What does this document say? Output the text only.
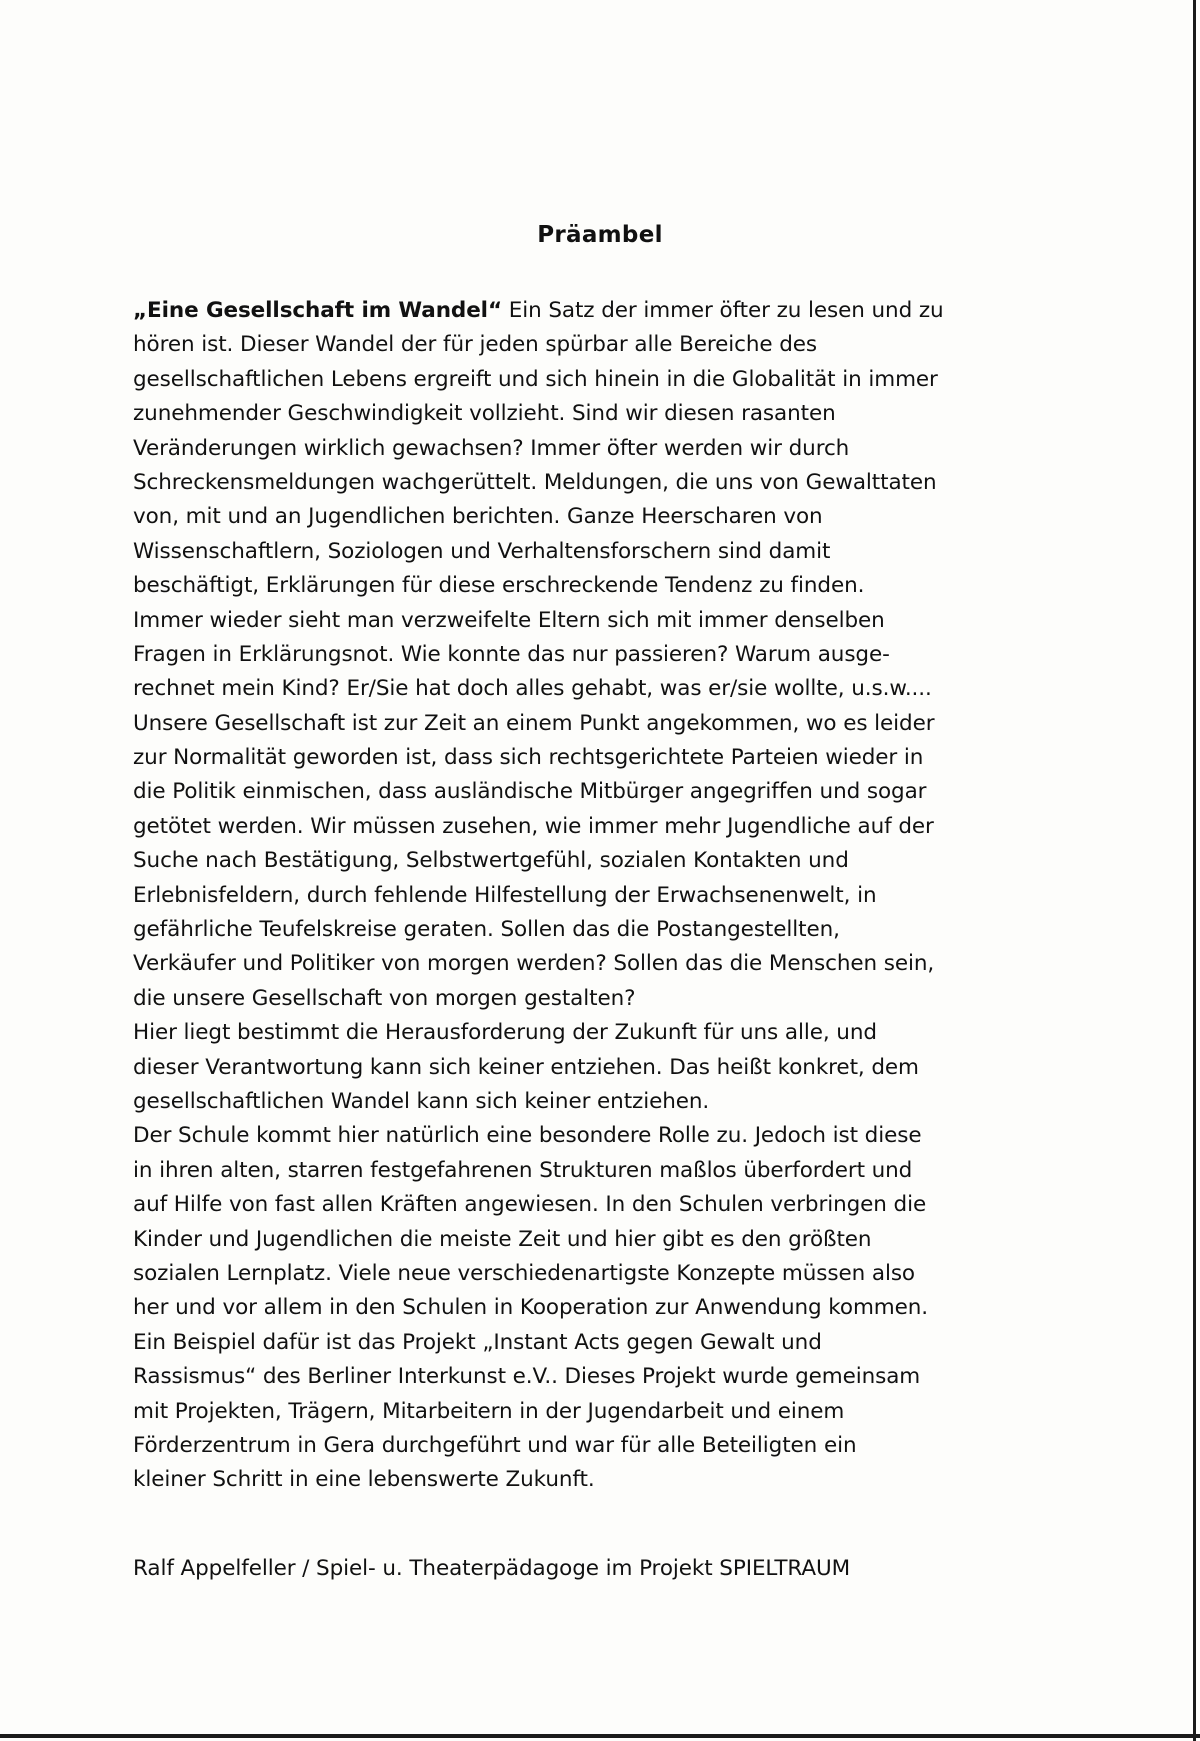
Präambel
„Eine Gesellschaft im Wandel“ Ein Satz der immer öfter zu lesen und zu
hören ist. Dieser Wandel der für jeden spürbar alle Bereiche des
gesellschaftlichen Lebens ergreift und sich hinein in die Globalität in immer
zunehmender Geschwindigkeit vollzieht. Sind wir diesen rasanten
Veränderungen wirklich gewachsen? Immer öfter werden wir durch
Schreckensmeldungen wachgerüttelt. Meldungen, die uns von Gewalttaten
von, mit und an Jugendlichen berichten. Ganze Heerscharen von
Wissenschaftlern, Soziologen und Verhaltensforschern sind damit
beschäftigt, Erklärungen für diese erschreckende Tendenz zu finden.
Immer wieder sieht man verzweifelte Eltern sich mit immer denselben
Fragen in Erklärungsnot. Wie konnte das nur passieren? Warum ausge-
rechnet mein Kind? Er/Sie hat doch alles gehabt, was er/sie wollte, u.s.w....
Unsere Gesellschaft ist zur Zeit an einem Punkt angekommen, wo es leider
zur Normalität geworden ist, dass sich rechtsgerichtete Parteien wieder in
die Politik einmischen, dass ausländische Mitbürger angegriffen und sogar
getötet werden. Wir müssen zusehen, wie immer mehr Jugendliche auf der
Suche nach Bestätigung, Selbstwertgefühl, sozialen Kontakten und
Erlebnisfeldern, durch fehlende Hilfestellung der Erwachsenenwelt, in
gefährliche Teufelskreise geraten. Sollen das die Postangestellten,
Verkäufer und Politiker von morgen werden? Sollen das die Menschen sein,
die unsere Gesellschaft von morgen gestalten?
Hier liegt bestimmt die Herausforderung der Zukunft für uns alle, und
dieser Verantwortung kann sich keiner entziehen. Das heißt konkret, dem
gesellschaftlichen Wandel kann sich keiner entziehen.
Der Schule kommt hier natürlich eine besondere Rolle zu. Jedoch ist diese
in ihren alten, starren festgefahrenen Strukturen maßlos überfordert und
auf Hilfe von fast allen Kräften angewiesen. In den Schulen verbringen die
Kinder und Jugendlichen die meiste Zeit und hier gibt es den größten
sozialen Lernplatz. Viele neue verschiedenartigste Konzepte müssen also
her und vor allem in den Schulen in Kooperation zur Anwendung kommen.
Ein Beispiel dafür ist das Projekt „Instant Acts gegen Gewalt und
Rassismus“ des Berliner Interkunst e.V.. Dieses Projekt wurde gemeinsam
mit Projekten, Trägern, Mitarbeitern in der Jugendarbeit und einem
Förderzentrum in Gera durchgeführt und war für alle Beteiligten ein
kleiner Schritt in eine lebenswerte Zukunft.
Ralf Appelfeller / Spiel- u. Theaterpädagoge im Projekt SPIELTRAUM
